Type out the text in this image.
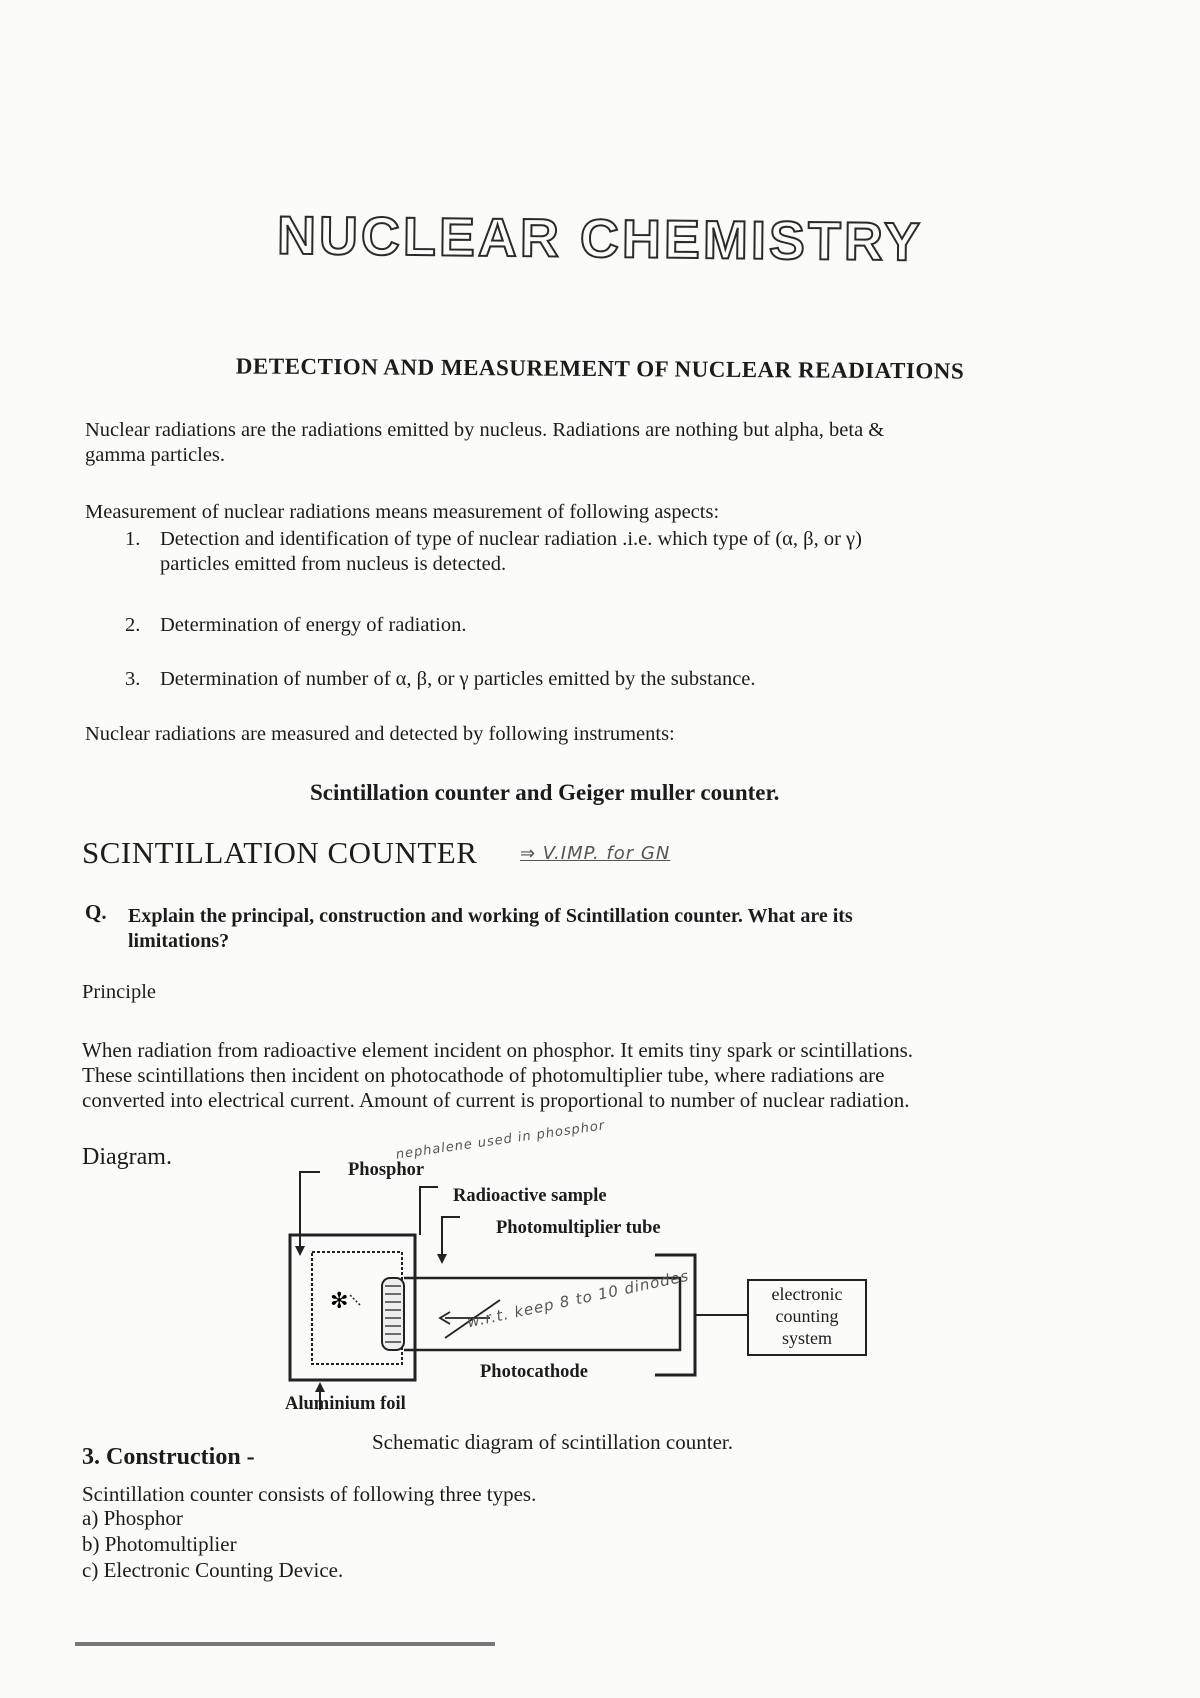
NUCLEAR CHEMISTRY
DETECTION AND MEASUREMENT OF NUCLEAR READIATIONS
Nuclear radiations are the radiations emitted by nucleus. Radiations are nothing but alpha, beta &
gamma particles.
Measurement of nuclear radiations means measurement of following aspects:
1. Detection and identification of type of nuclear radiation .i.e. which type of (α, β, or γ)
particles emitted from nucleus is detected.
2. Determination of energy of radiation.
3. Determination of number of α, β, or γ particles emitted by the substance.
Nuclear radiations are measured and detected by following instruments:
Scintillation counter and Geiger muller counter.
SCINTILLATION COUNTER ⇒ V.IMP. for GN
Q. Explain the principal, construction and working of Scintillation counter. What are its
limitations?
Principle
When radiation from radioactive element incident on phosphor. It emits tiny spark or scintillations.
These scintillations then incident on photocathode of photomultiplier tube, where radiations are
converted into electrical current. Amount of current is proportional to number of nuclear radiation.
Diagram.	nephalene used in phosphor
✻
Phosphor
Radioactive sample
Photomultiplier tube
Photocathode
Aluminium foil
w.r.t. keep 8 to 10 dinodes	electronic
counting
system
Schematic diagram of scintillation counter.
3. Construction -
Scintillation counter consists of following three types.
a) Phosphor
b) Photomultiplier
c) Electronic Counting Device.
